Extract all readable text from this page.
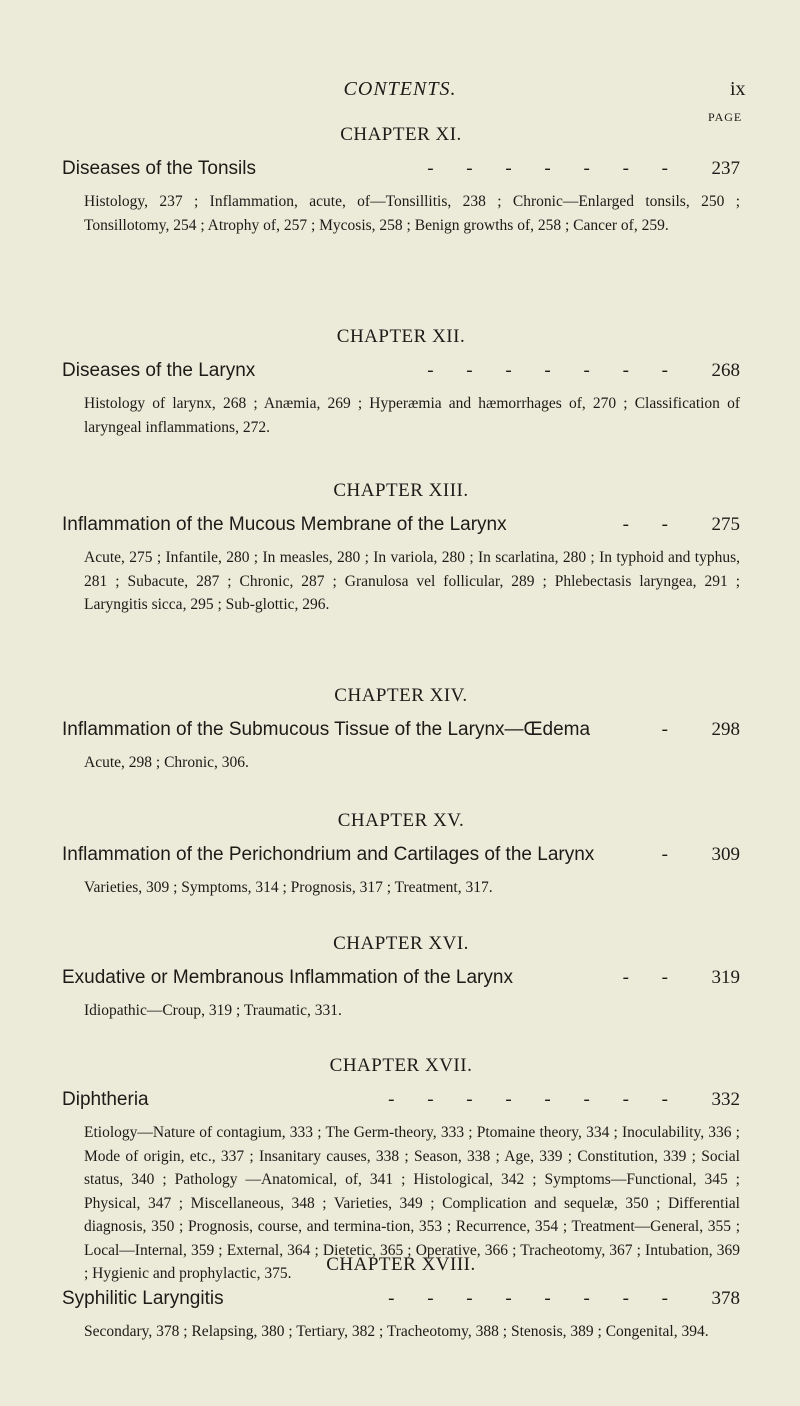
CONTENTS.	ix
PAGE
CHAPTER XI.
Diseases of the Tonsils	- - - - - - - 237
Histology, 237 ; Inflammation, acute, of—Tonsillitis, 238 ; Chronic—Enlarged tonsils, 250 ; Tonsillotomy, 254 ; Atrophy of, 257 ; Mycosis, 258 ; Benign growths of, 258 ; Cancer of, 259.
CHAPTER XII.
Diseases of the Larynx	- - - - - - - 268
Histology of larynx, 268 ; Anæmia, 269 ; Hyperæmia and hæmorrhages of, 270 ; Classification of laryngeal inflammations, 272.
CHAPTER XIII.
Inflammation of the Mucous Membrane of the Larynx	- - 275
Acute, 275 ; Infantile, 280 ; In measles, 280 ; In variola, 280 ; In scarlatina, 280 ; In typhoid and typhus, 281 ; Subacute, 287 ; Chronic, 287 ; Granulosa vel follicular, 289 ; Phlebectasis laryngea, 291 ; Laryngitis sicca, 295 ; Sub-glottic, 296.
CHAPTER XIV.
Inflammation of the Submucous Tissue of the Larynx—Œdema	- 298
Acute, 298 ; Chronic, 306.
CHAPTER XV.
Inflammation of the Perichondrium and Cartilages of the Larynx	- 309
Varieties, 309 ; Symptoms, 314 ; Prognosis, 317 ; Treatment, 317.
CHAPTER XVI.
Exudative or Membranous Inflammation of the Larynx	- - 319
Idiopathic—Croup, 319 ; Traumatic, 331.
CHAPTER XVII.
Diphtheria	- - - - - - - - 332
Etiology—Nature of contagium, 333 ; The Germ-theory, 333 ; Ptomaine theory, 334 ; Inoculability, 336 ; Mode of origin, etc., 337 ; Insanitary causes, 338 ; Season, 338 ; Age, 339 ; Constitution, 339 ; Social status, 340 ; Pathology —Anatomical, of, 341 ; Histological, 342 ; Symptoms—Functional, 345 ; Physical, 347 ; Miscellaneous, 348 ; Varieties, 349 ; Complication and sequelæ, 350 ; Differential diagnosis, 350 ; Prognosis, course, and termina-tion, 353 ; Recurrence, 354 ; Treatment—General, 355 ; Local—Internal, 359 ; External, 364 ; Dietetic, 365 ; Operative, 366 ; Tracheotomy, 367 ; Intubation, 369 ; Hygienic and prophylactic, 375.	CHAPTER XVIII.
Syphilitic Laryngitis	- - - - - - - - 378
Secondary, 378 ; Relapsing, 380 ; Tertiary, 382 ; Tracheotomy, 388 ; Stenosis, 389 ; Congenital, 394.
